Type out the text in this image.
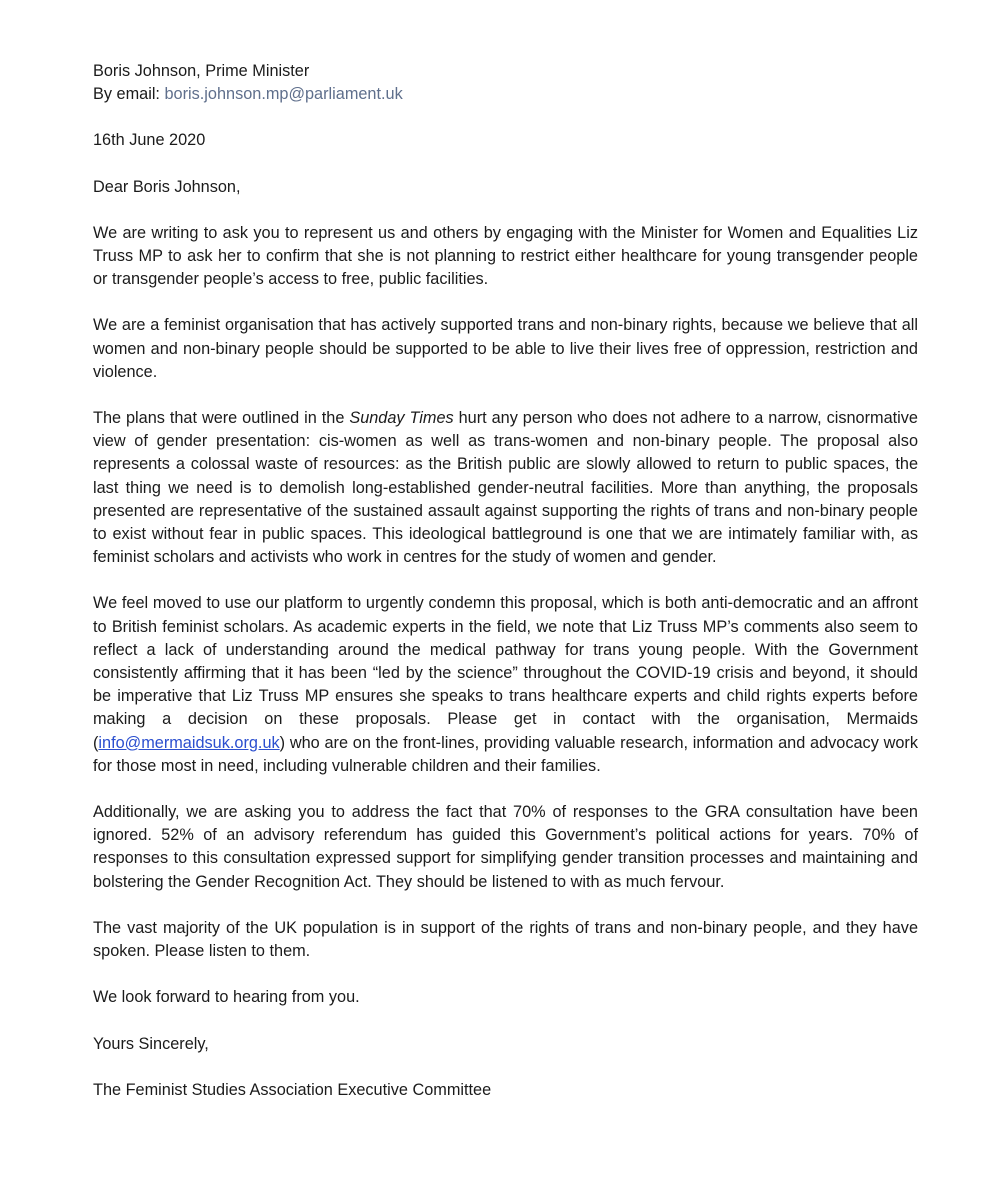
Boris Johnson, Prime Minister
By email: boris.johnson.mp@parliament.uk
16th June 2020
Dear Boris Johnson,

We are writing to ask you to represent us and others by engaging with the Minister for Women and Equalities Liz Truss MP to ask her to confirm that she is not planning to restrict either healthcare for young transgender people or transgender people’s access to free, public facilities.

We are a feminist organisation that has actively supported trans and non-binary rights, because we believe that all women and non-binary people should be supported to be able to live their lives free of oppression, restriction and violence.

The plans that were outlined in the Sunday Times hurt any person who does not adhere to a narrow, cisnormative view of gender presentation: cis-women as well as trans-women and non-binary people. The proposal also represents a colossal waste of resources: as the British public are slowly allowed to return to public spaces, the last thing we need is to demolish long-established gender-neutral facilities. More than anything, the proposals presented are representative of the sustained assault against supporting the rights of trans and non-binary people to exist without fear in public spaces. This ideological battleground is one that we are intimately familiar with, as feminist scholars and activists who work in centres for the study of women and gender.

We feel moved to use our platform to urgently condemn this proposal, which is both anti-democratic and an affront to British feminist scholars. As academic experts in the field, we note that Liz Truss MP’s comments also seem to reflect a lack of understanding around the medical pathway for trans young people. With the Government consistently affirming that it has been “led by the science” throughout the COVID-19 crisis and beyond, it should be imperative that Liz Truss MP ensures she speaks to trans healthcare experts and child rights experts before making a decision on these proposals. Please get in contact with the organisation, Mermaids (info@mermaidsuk.org.uk) who are on the front-lines, providing valuable research, information and advocacy work for those most in need, including vulnerable children and their families.

Additionally, we are asking you to address the fact that 70% of responses to the GRA consultation have been ignored. 52% of an advisory referendum has guided this Government’s political actions for years. 70% of responses to this consultation expressed support for simplifying gender transition processes and maintaining and bolstering the Gender Recognition Act. They should be listened to with as much fervour.

The vast majority of the UK population is in support of the rights of trans and non-binary people, and they have spoken. Please listen to them.

We look forward to hearing from you.

Yours Sincerely,

The Feminist Studies Association Executive Committee
